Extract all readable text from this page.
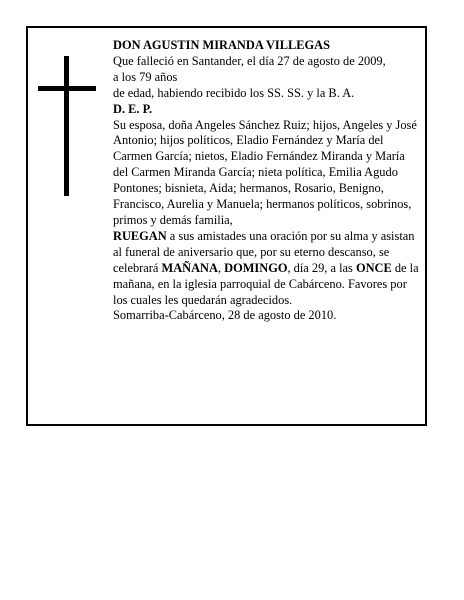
DON AGUSTIN MIRANDA VILLEGAS

Que falleció en Santander, el día 27 de agosto de 2009,

a los 79 años

de edad, habiendo recibido los SS. SS. y la B. A.

D. E. P.

Su esposa, doña Angeles Sánchez Ruiz; hijos, Angeles y José Antonio; hijos políticos, Eladio Fernández y María del Carmen García; nietos, Eladio Fernández Miranda y María del Carmen Miranda García; nieta política, Emilia Agudo Pontones; bisnieta, Aida; hermanos, Rosario, Benigno, Francisco, Aurelia y Manuela; hermanos políticos, sobrinos, primos y demás familia,

RUEGAN a sus amistades una oración por su alma y asistan al funeral de aniversario que, por su eterno descanso, se celebrará MAÑANA, DOMINGO, día 29, a las ONCE de la mañana, en la iglesia parroquial de Cabárceno. Favores por los cuales les quedarán agradecidos.

Somarriba-Cabárceno, 28 de agosto de 2010.
